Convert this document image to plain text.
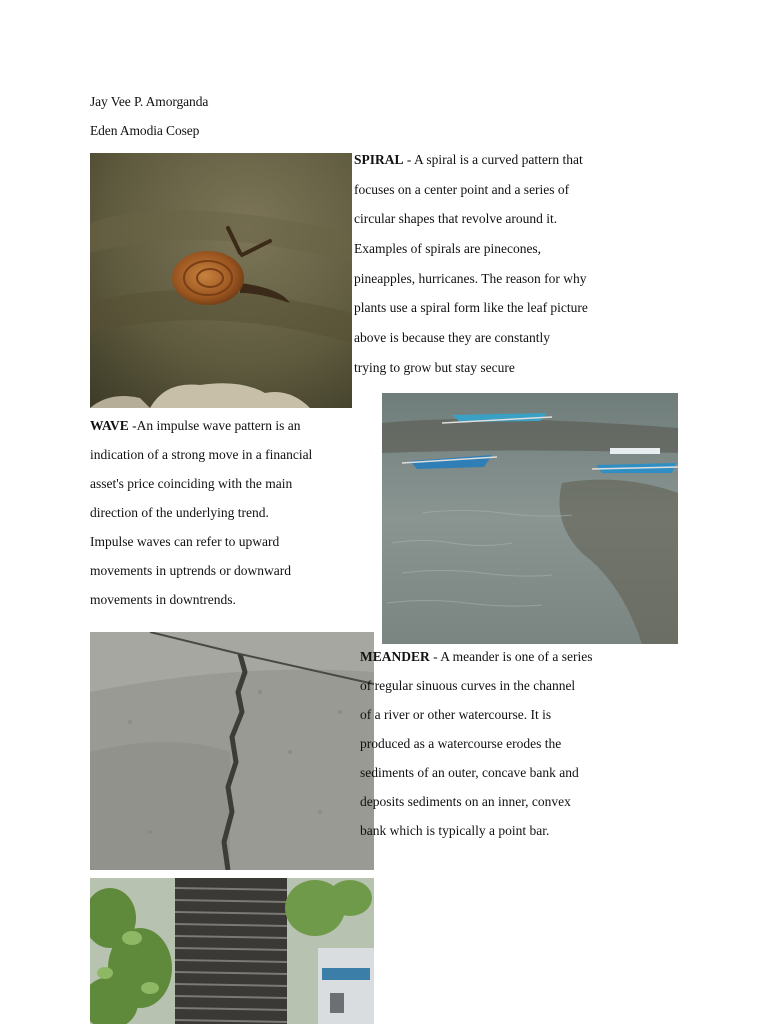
Jay Vee P. Amorganda
Eden Amodia Cosep
SPIRAL - A spiral is a curved pattern that
focuses on a center point and a series of
circular shapes that revolve around it.
Examples of spirals are pinecones,
pineapples, hurricanes. The reason for why
plants use a spiral form like the leaf picture
above is because they are constantly
trying to grow but stay secure
WAVE -An impulse wave pattern is an
indication of a strong move in a financial
asset's price coinciding with the main
direction of the underlying trend.
Impulse waves can refer to upward
movements in uptrends or downward
movements in downtrends.
MEANDER - A meander is one of a series
of regular sinuous curves in the channel
of a river or other watercourse. It is
produced as a watercourse erodes the
sediments of an outer, concave bank and
deposits sediments on an inner, convex
bank which is typically a point bar.
